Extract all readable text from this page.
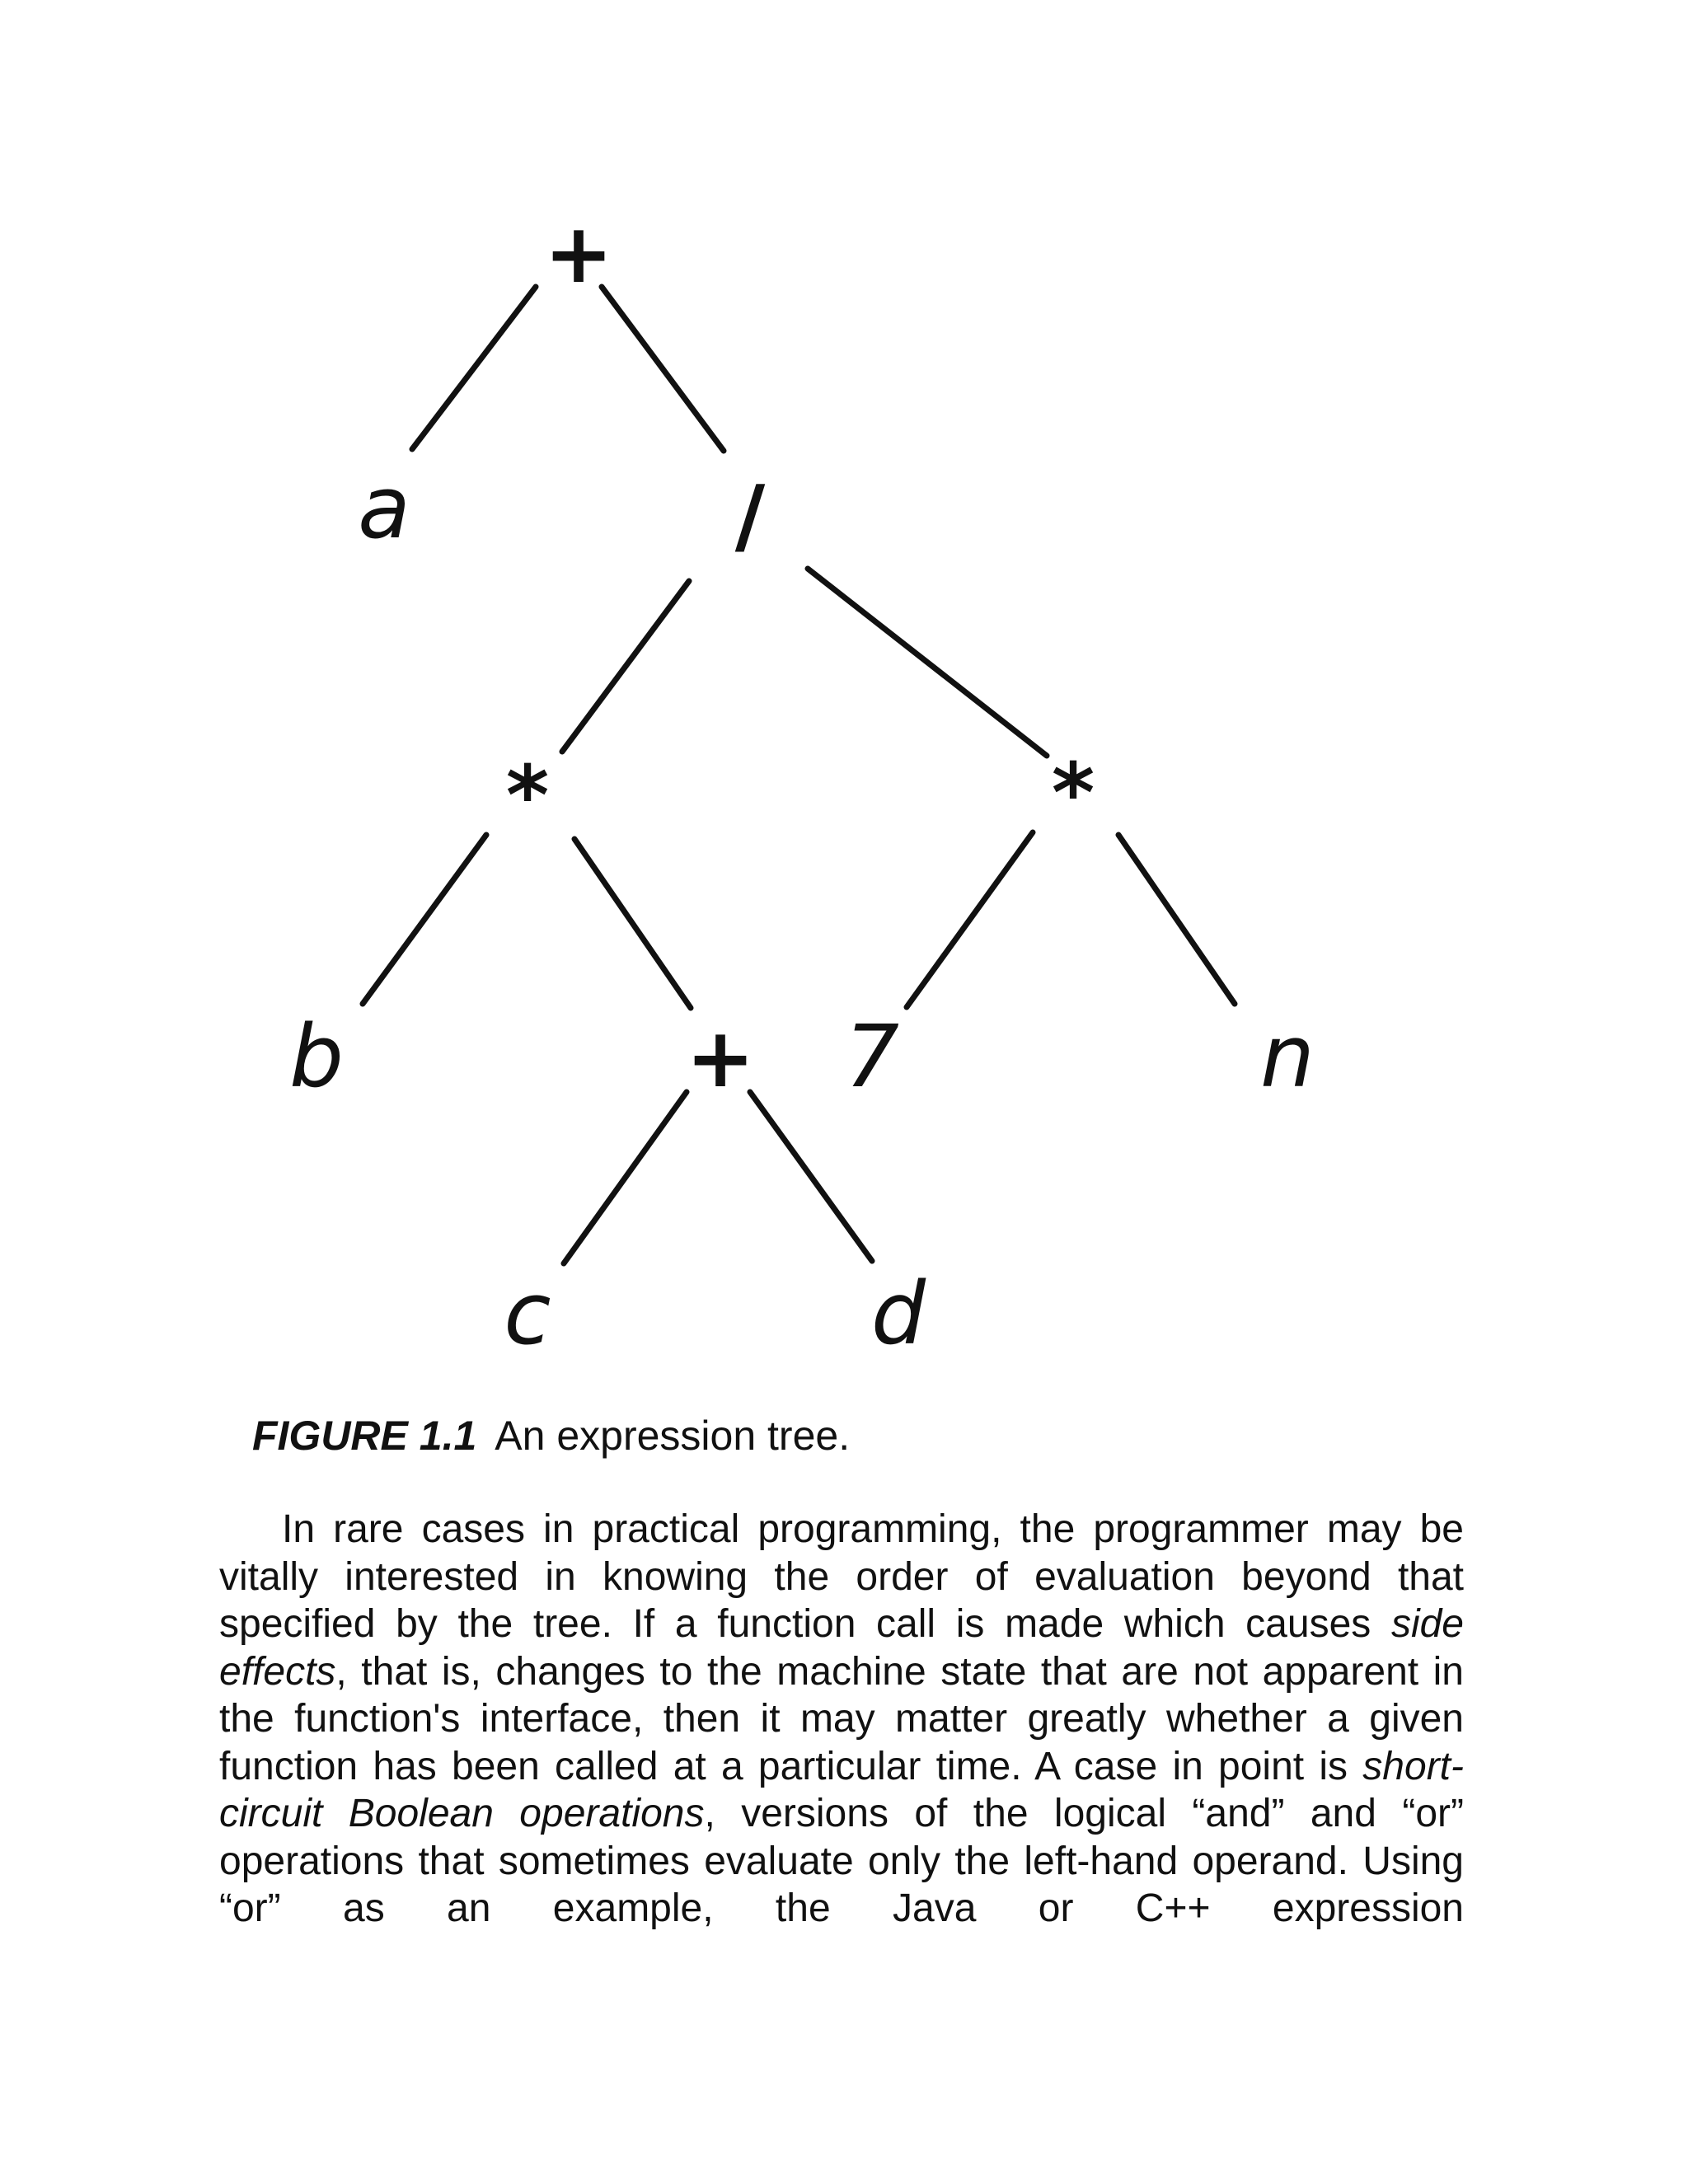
+
a	/
*	*
b	+ 7	n
c	d
FIGURE 1.1 An expression tree.

In rare cases in practical programming, the programmer may be vitally interested in knowing the order of evaluation beyond that specified by the tree. If a function call is made which causes side effects, that is, changes to the machine state that are not apparent in the function's interface, then it may matter greatly whether a given function has been called at a particular time. A case in point is short-circuit Boolean operations, versions of the logical “and” and “or” operations that sometimes evaluate only the left-hand operand. Using “or” as an example, the Java or C++ expression
